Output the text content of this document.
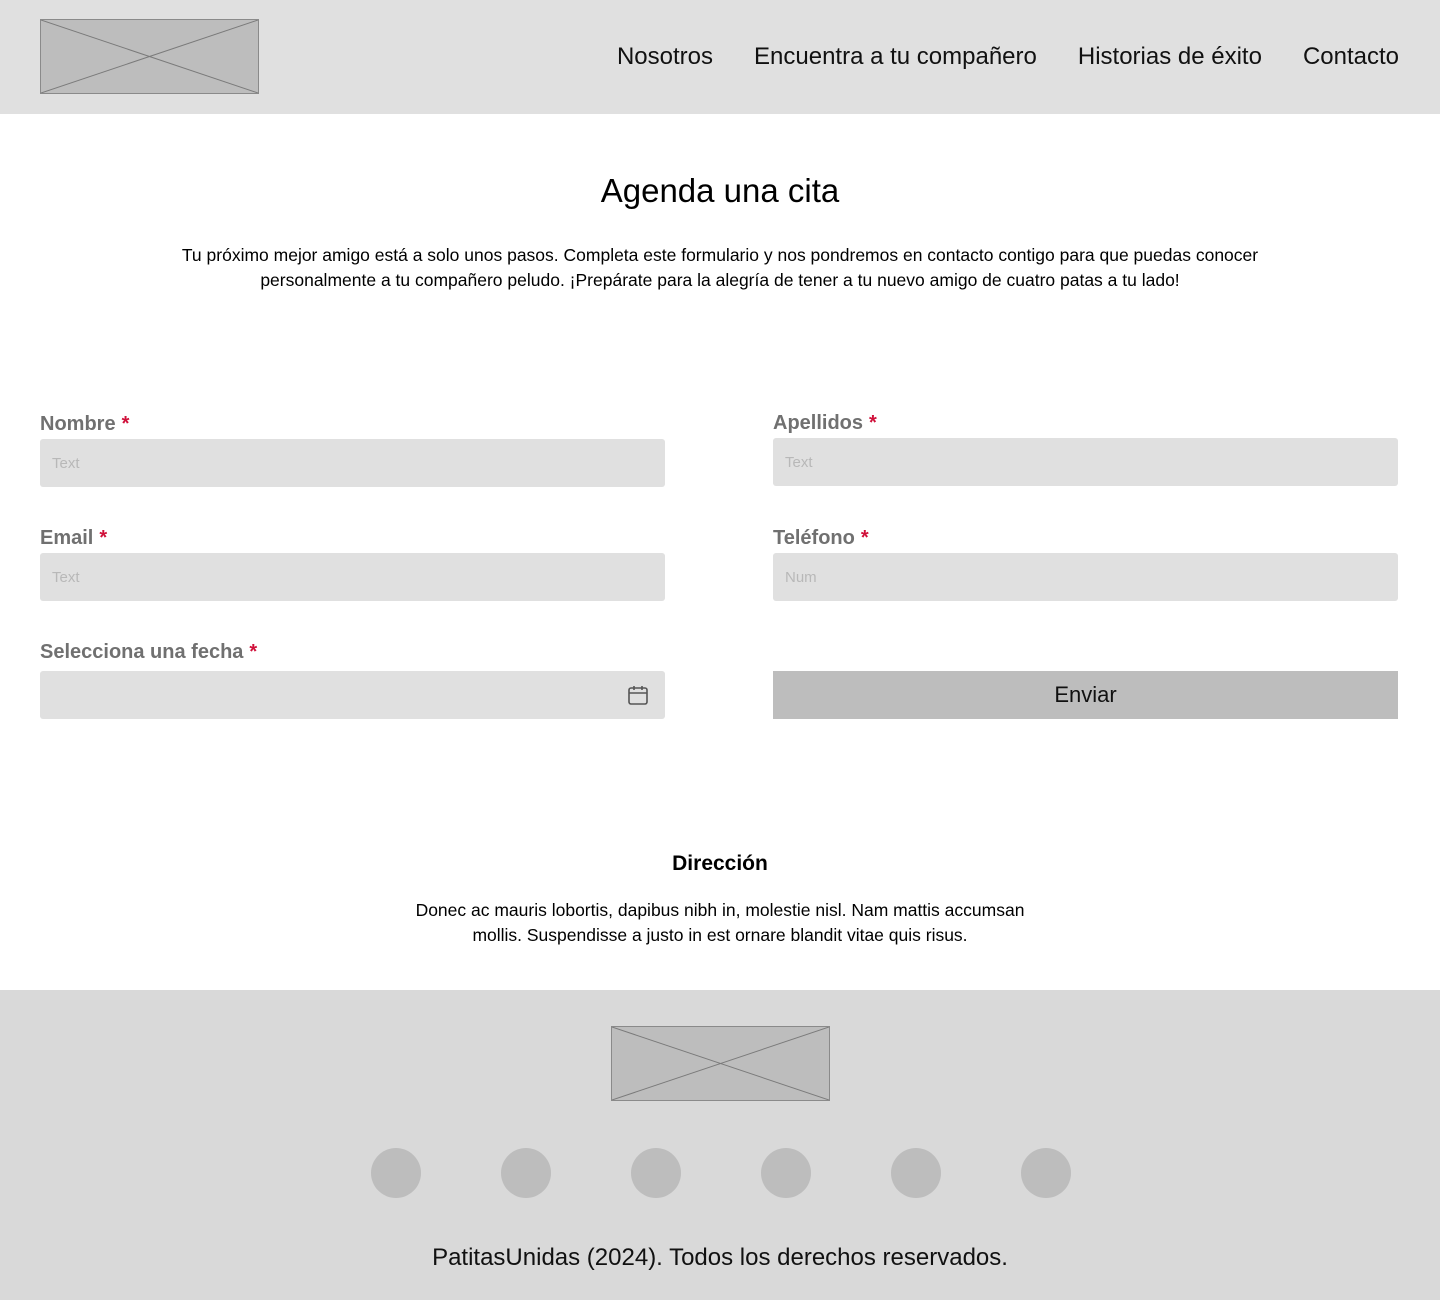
Nosotros Encuentra a tu compañero Historias de éxito Contacto
Agenda una cita

Tu próximo mejor amigo está a solo unos pasos. Completa este formulario y nos pondremos en contacto contigo para que puedas conocer personalmente a tu compañero peludo. ¡Prepárate para la alegría de tener a tu nuevo amigo de cuatro patas a tu lado!

Nombre *
Text	Apellidos *
Text
Email *
Text	Teléfono *
Num
Selecciona una fecha *
Enviar
Dirección

Donec ac mauris lobortis, dapibus nibh in, molestie nisl. Nam mattis accumsan mollis. Suspendisse a justo in est ornare blandit vitae quis risus.

PatitasUnidas (2024). Todos los derechos reservados.
